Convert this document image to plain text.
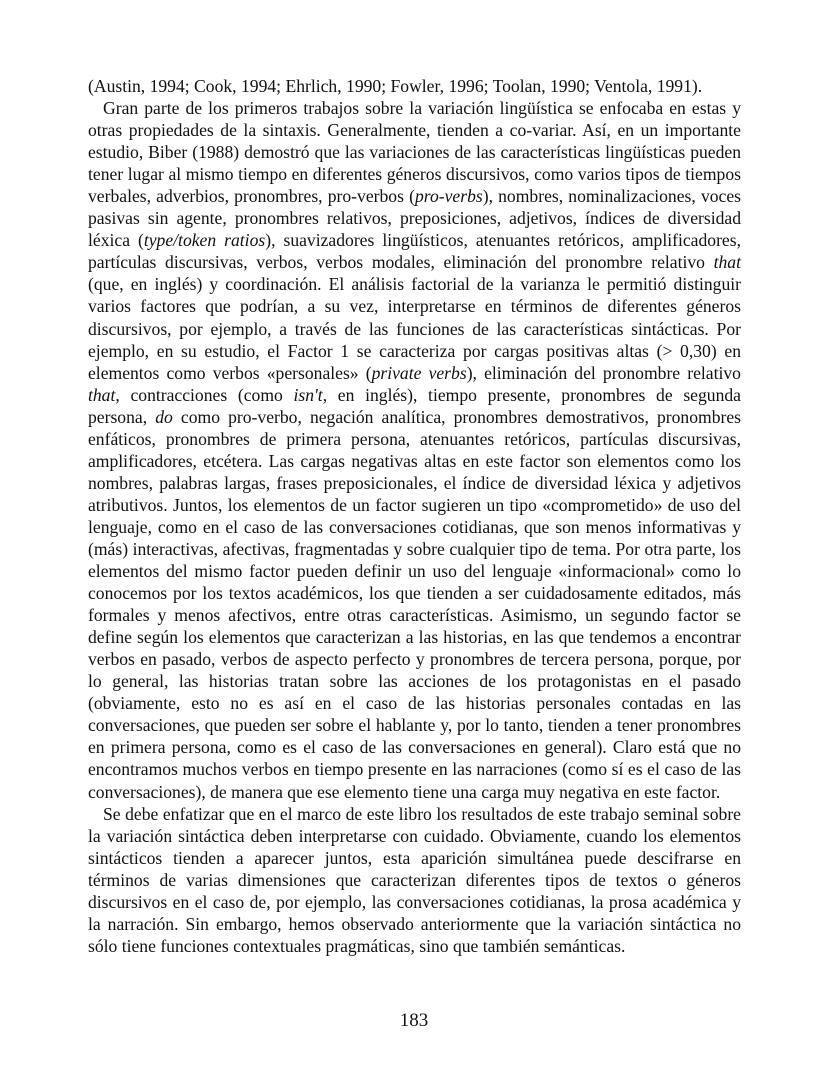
(Austin, 1994; Cook, 1994; Ehrlich, 1990; Fowler, 1996; Toolan, 1990; Ventola, 1991).

Gran parte de los primeros trabajos sobre la variación lingüística se enfocaba en estas y otras propiedades de la sintaxis. Generalmente, tienden a co-variar. Así, en un importante estudio, Biber (1988) demostró que las variaciones de las características lingüísticas pueden tener lugar al mismo tiempo en diferentes géneros discursivos, como varios tipos de tiempos verbales, adverbios, pronombres, pro-verbos (pro-verbs), nombres, nominalizaciones, voces pasivas sin agente, pronombres relativos, preposiciones, adjetivos, índices de diversidad léxica (type/token ratios), suavizadores lingüísticos, atenuantes retóricos, amplificadores, partículas discursivas, verbos, verbos modales, eliminación del pronombre relativo that (que, en inglés) y coordinación. El análisis factorial de la varianza le permitió distinguir varios factores que podrían, a su vez, interpretarse en términos de diferentes géneros discursivos, por ejemplo, a través de las funciones de las características sintácticas. Por ejemplo, en su estudio, el Factor 1 se caracteriza por cargas positivas altas (> 0,30) en elementos como verbos «personales» (private verbs), eliminación del pronombre relativo that, contracciones (como isn't, en inglés), tiempo presente, pronombres de segunda persona, do como pro-verbo, negación analítica, pronombres demostrativos, pronombres enfáticos, pronombres de primera persona, atenuantes retóricos, partículas discursivas, amplificadores, etcétera. Las cargas negativas altas en este factor son elementos como los nombres, palabras largas, frases preposicionales, el índice de diversidad léxica y adjetivos atributivos. Juntos, los elementos de un factor sugieren un tipo «comprometido» de uso del lenguaje, como en el caso de las conversaciones cotidianas, que son menos informativas y (más) interactivas, afectivas, fragmentadas y sobre cualquier tipo de tema. Por otra parte, los elementos del mismo factor pueden definir un uso del lenguaje «informacional» como lo conocemos por los textos académicos, los que tienden a ser cuidadosamente editados, más formales y menos afectivos, entre otras características. Asimismo, un segundo factor se define según los elementos que caracterizan a las historias, en las que tendemos a encontrar verbos en pasado, verbos de aspecto perfecto y pronombres de tercera persona, porque, por lo general, las historias tratan sobre las acciones de los protagonistas en el pasado (obviamente, esto no es así en el caso de las historias personales contadas en las conversaciones, que pueden ser sobre el hablante y, por lo tanto, tienden a tener pronombres en primera persona, como es el caso de las conversaciones en general). Claro está que no encontramos muchos verbos en tiempo presente en las narraciones (como sí es el caso de las conversaciones), de manera que ese elemento tiene una carga muy negativa en este factor.

Se debe enfatizar que en el marco de este libro los resultados de este trabajo seminal sobre la variación sintáctica deben interpretarse con cuidado. Obviamente, cuando los elementos sintácticos tienden a aparecer juntos, esta aparición simultánea puede descifrarse en términos de varias dimensiones que caracterizan diferentes tipos de textos o géneros discursivos en el caso de, por ejemplo, las conversaciones cotidianas, la prosa académica y la narración. Sin embargo, hemos observado anteriormente que la variación sintáctica no sólo tiene funciones contextuales pragmáticas, sino que también semánticas.

183
